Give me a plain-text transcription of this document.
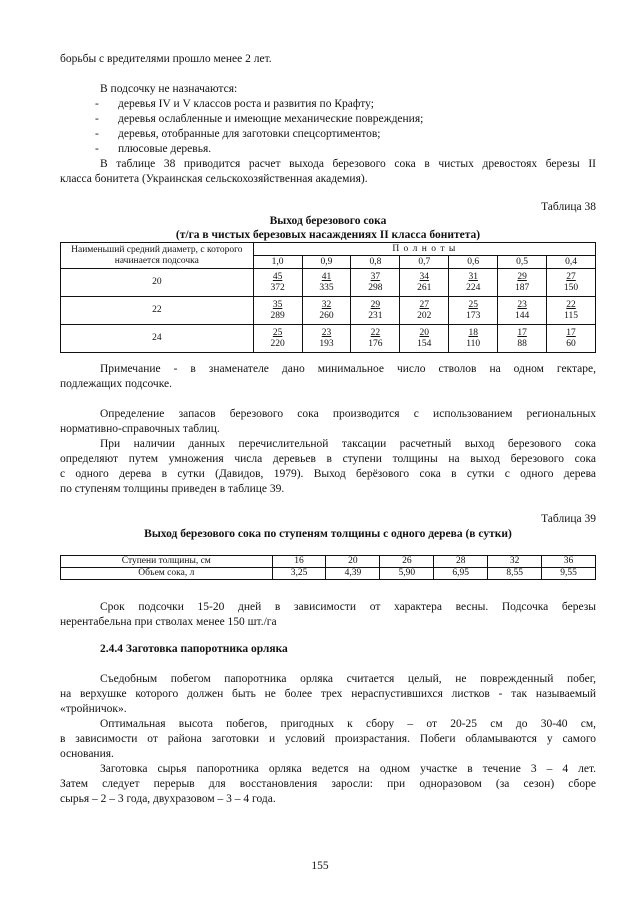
борьбы с вредителями прошло менее 2 лет.
В подсочку не назначаются:
- деревья IV и V классов роста и развития по Крафту;
- деревья ослабленные и имеющие механические повреждения;
- деревья, отобранные для заготовки спецсортиментов;
- плюсовые деревья.
В таблице 38 приводится расчет выхода березового сока в чистых древостоях березы II
класса бонитета (Украинская сельскохозяйственная академия).
Таблица 38
Выход березового сока
(т/га в чистых березовых насаждениях II класса бонитета)
Наименьший средний диаметр, с которого начинается подсочка	П о л н о т ы						
	1,0	0,9	0,8	0,7	0,6	0,5	0,4
20	$\frac{45}{372}$	$\frac{41}{335}$	$\frac{37}{298}$	$\frac{34}{261}$	$\frac{31}{224}$	$\frac{29}{187}$	$\frac{27}{150}$

22	$\frac{35}{289}$	$\frac{32}{260}$	$\frac{29}{231}$	$\frac{27}{202}$	$\frac{25}{173}$	$\frac{23}{144}$	$\frac{22}{115}$

24	$\frac{25}{220}$	$\frac{23}{193}$	$\frac{22}{176}$	$\frac{20}{154}$	$\frac{18}{110}$	$\frac{17}{88}$	$\frac{17}{60}$
Примечание - в знаменателе дано минимальное число стволов на одном гектаре,
подлежащих подсочке.
Определение запасов березового сока производится с использованием региональных
нормативно-справочных таблиц.
При наличии данных перечислительной таксации расчетный выход березового сока
определяют путем умножения числа деревьев в ступени толщины на выход березового сока
с одного дерева в сутки (Давидов, 1979). Выход берёзового сока в сутки с одного дерева
по ступеням толщины приведен в таблице 39.
Таблица 39
Выход березового сока по ступеням толщины с одного дерева (в сутки)
Ступени толщины, см	16	20	26	28	32	36
Объем сока, л	3,25	4,39	5,90	6,95	8,55	9,55
Срок подсочки 15-20 дней в зависимости от характера весны. Подсочка березы
нерентабельна при стволах менее 150 шт./га
2.4.4 Заготовка папоротника орляка
Съедобным побегом папоротника орляка считается целый, не поврежденный побег,
на верхушке которого должен быть не более трех нераспустившихся листков - так называемый
«тройничок».
Оптимальная высота побегов, пригодных к сбору – от 20-25 см до 30-40 см,
в зависимости от района заготовки и условий произрастания. Побеги обламываются у самого
основания.
Заготовка сырья папоротника орляка ведется на одном участке в течение 3 – 4 лет.
Затем следует перерыв для восстановления заросли: при одноразовом (за сезон) сборе
сырья – 2 – 3 года, двухразовом – 3 – 4 года.
155
